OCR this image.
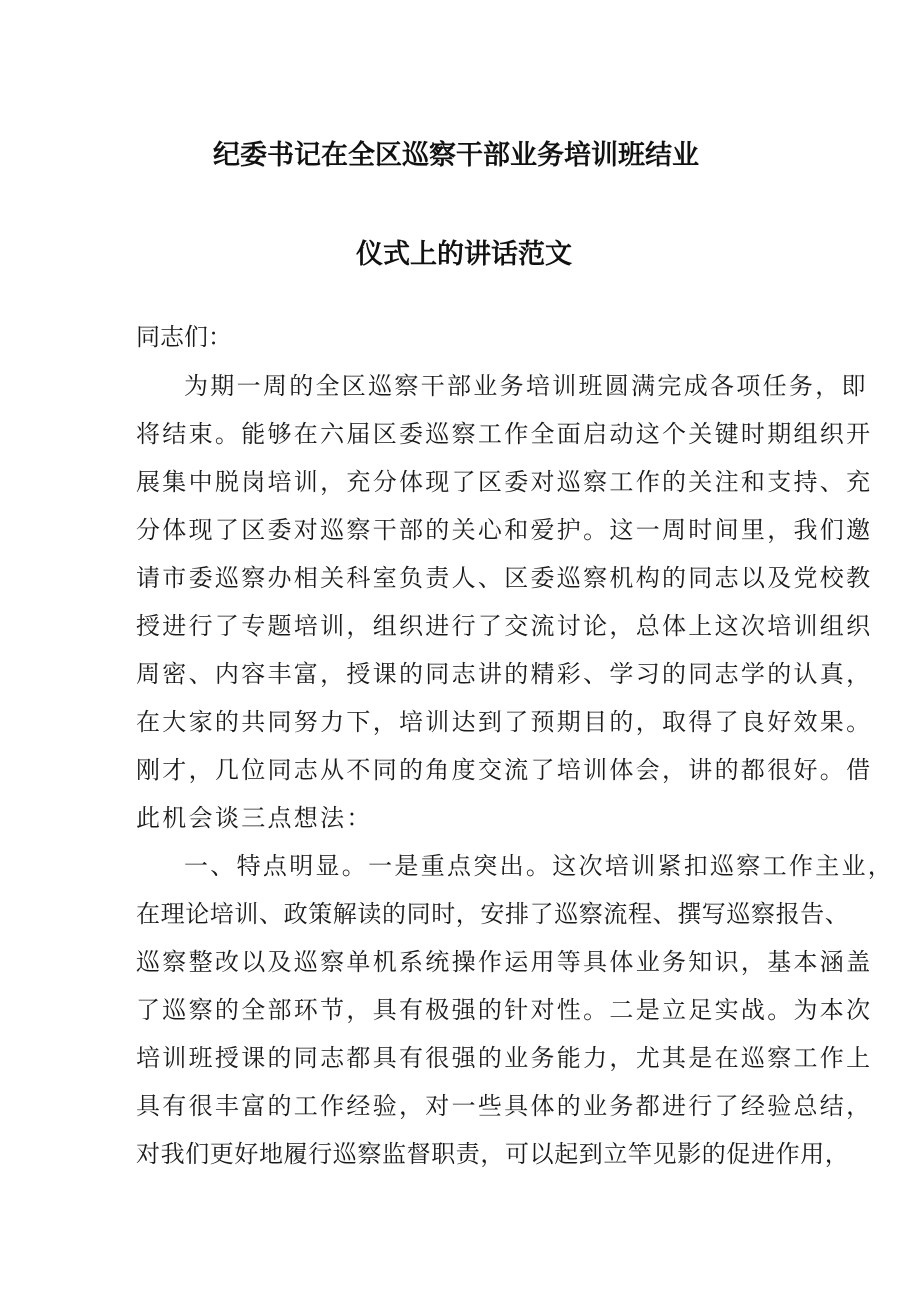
纪委书记在全区巡察干部业务培训班结业
仪式上的讲话范文

同志们：

为期一周的全区巡察干部业务培训班圆满完成各项任务，即

将结束。能够在六届区委巡察工作全面启动这个关键时期组织开

展集中脱岗培训，充分体现了区委对巡察工作的关注和支持、充

分体现了区委对巡察干部的关心和爱护。这一周时间里，我们邀

请市委巡察办相关科室负责人、区委巡察机构的同志以及党校教

授进行了专题培训，组织进行了交流讨论，总体上这次培训组织

周密、内容丰富，授课的同志讲的精彩、学习的同志学的认真，

在大家的共同努力下，培训达到了预期目的，取得了良好效果。

刚才，几位同志从不同的角度交流了培训体会，讲的都很好。借

此机会谈三点想法：

一、特点明显。一是重点突出。这次培训紧扣巡察工作主业，

在理论培训、政策解读的同时，安排了巡察流程、撰写巡察报告、

巡察整改以及巡察单机系统操作运用等具体业务知识，基本涵盖

了巡察的全部环节，具有极强的针对性。二是立足实战。为本次

培训班授课的同志都具有很强的业务能力，尤其是在巡察工作上

具有很丰富的工作经验，对一些具体的业务都进行了经验总结，

对我们更好地履行巡察监督职责，可以起到立竿见影的促进作用，
